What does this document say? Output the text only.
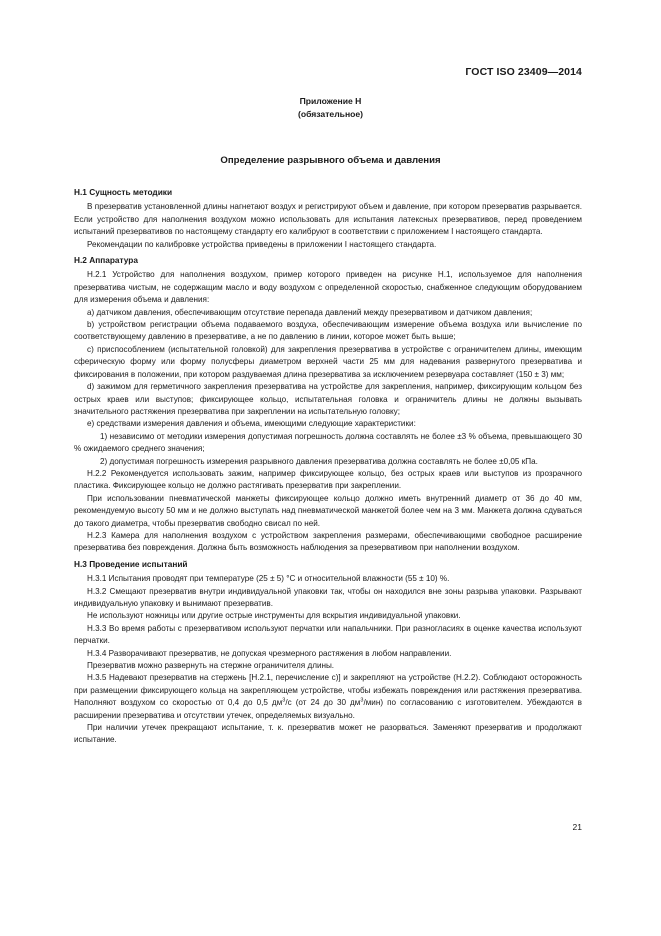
ГОСТ ISO 23409—2014
Приложение Н
(обязательное)
Определение разрывного объема и давления
Н.1 Сущность методики

В презерватив установленной длины нагнетают воздух и регистрируют объем и давление, при котором презерватив разрывается. Если устройство для наполнения воздухом можно использовать для испытания латексных презервативов, перед проведением испытаний презервативов по настоящему стандарту его калибруют в соответствии с приложением I настоящего стандарта.

Рекомендации по калибровке устройства приведены в приложении I настоящего стандарта.

Н.2 Аппаратура

Н.2.1 Устройство для наполнения воздухом, пример которого приведен на рисунке Н.1, используемое для наполнения презерватива чистым, не содержащим масло и воду воздухом с определенной скоростью, снабженное следующим оборудованием для измерения объема и давления:

a) датчиком давления, обеспечивающим отсутствие перепада давлений между презервативом и датчиком давления;

b) устройством регистрации объема подаваемого воздуха, обеспечивающим измерение объема воздуха или вычисление по соответствующему давлению в презервативе, а не по давлению в линии, которое может быть выше;

c) приспособлением (испытательной головкой) для закрепления презерватива в устройстве с ограничителем длины, имеющим сферическую форму или форму полусферы диаметром верхней части 25 мм для надевания развернутого презерватива и фиксирования в положении, при котором раздуваемая длина презерватива за исключением резервуара составляет (150 ± 3) мм;

d) зажимом для герметичного закрепления презерватива на устройстве для закрепления, например, фиксирующим кольцом без острых краев или выступов; фиксирующее кольцо, испытательная головка и ограничитель длины не должны вызывать значительного растяжения презерватива при закреплении на испытательную головку;

e) средствами измерения давления и объема, имеющими следующие характеристики:

1) независимо от методики измерения допустимая погрешность должна составлять не более ±3 % объема, превышающего 30 % ожидаемого среднего значения;

2) допустимая погрешность измерения разрывного давления презерватива должна составлять не более ±0,05 кПа.

Н.2.2 Рекомендуется использовать зажим, например фиксирующее кольцо, без острых краев или выступов из прозрачного пластика. Фиксирующее кольцо не должно растягивать презерватив при закреплении.

При использовании пневматической манжеты фиксирующее кольцо должно иметь внутренний диаметр от 36 до 40 мм, рекомендуемую высоту 50 мм и не должно выступать над пневматической манжетой более чем на 3 мм. Манжета должна сдуваться до такого диаметра, чтобы презерватив свободно свисал по ней.

Н.2.3 Камера для наполнения воздухом с устройством закрепления размерами, обеспечивающими свободное расширение презерватива без повреждения. Должна быть возможность наблюдения за презервативом при наполнении воздухом.

Н.3 Проведение испытаний

Н.3.1 Испытания проводят при температуре (25 ± 5) °С и относительной влажности (55 ± 10) %.

Н.3.2 Смещают презерватив внутри индивидуальной упаковки так, чтобы он находился вне зоны разрыва упаковки. Разрывают индивидуальную упаковку и вынимают презерватив.

Не используют ножницы или другие острые инструменты для вскрытия индивидуальной упаковки.

Н.3.3 Во время работы с презервативом используют перчатки или напальчники. При разногласиях в оценке качества используют перчатки.

Н.3.4 Разворачивают презерватив, не допуская чрезмерного растяжения в любом направлении.

Презерватив можно развернуть на стержне ограничителя длины.

Н.3.5 Надевают презерватив на стержень [Н.2.1, перечисление c)] и закрепляют на устройстве (Н.2.2). Соблюдают осторожность при размещении фиксирующего кольца на закрепляющем устройстве, чтобы избежать повреждения или растяжения презерватива. Наполняют воздухом со скоростью от 0,4 до 0,5 $дм^3/с$ (от 24 до 30 $дм^3/мин$) по согласованию с изготовителем. Убеждаются в расширении презерватива и отсутствии утечек, определяемых визуально.

При наличии утечек прекращают испытание, т. к. презерватив может не разорваться. Заменяют презерватив и продолжают испытание.

21
